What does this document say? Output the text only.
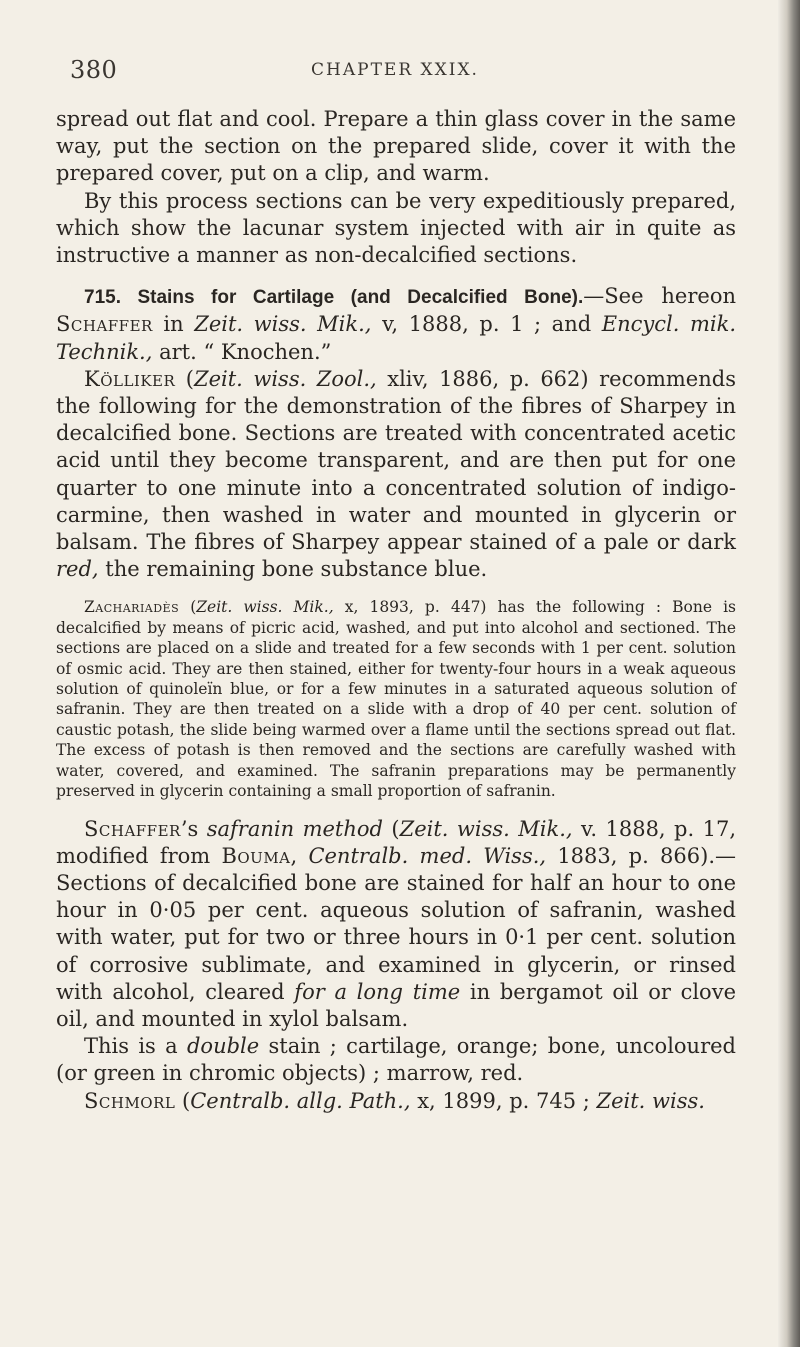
380	CHAPTER XXIX.

spread out flat and cool. Prepare a thin glass cover in the same way, put the section on the prepared slide, cover it with the prepared cover, put on a clip, and warm.

By this process sections can be very expeditiously prepared, which show the lacunar system injected with air in quite as instructive a manner as non-decalcified sections.

715. Stains for Cartilage (and Decalcified Bone).—See hereon Schaffer in Zeit. wiss. Mik., v, 1888, p. 1 ; and Encycl. mik. Technik., art. “ Knochen.”

Kölliker (Zeit. wiss. Zool., xliv, 1886, p. 662) recommends the following for the demonstration of the fibres of Sharpey in decalcified bone. Sections are treated with concentrated acetic acid until they become transparent, and are then put for one quarter to one minute into a concentrated solution of indigo-carmine, then washed in water and mounted in glycerin or balsam. The fibres of Sharpey appear stained of a pale or dark red, the remaining bone substance blue.

Zachariadès (Zeit. wiss. Mik., x, 1893, p. 447) has the following : Bone is decalcified by means of picric acid, washed, and put into alcohol and sectioned. The sections are placed on a slide and treated for a few seconds with 1 per cent. solution of osmic acid. They are then stained, either for twenty-four hours in a weak aqueous solution of quinoleïn blue, or for a few minutes in a saturated aqueous solution of safranin. They are then treated on a slide with a drop of 40 per cent. solution of caustic potash, the slide being warmed over a flame until the sections spread out flat. The excess of potash is then removed and the sections are carefully washed with water, covered, and examined. The safranin preparations may be permanently preserved in glycerin containing a small proportion of safranin.

Schaffer’s safranin method (Zeit. wiss. Mik., v. 1888, p. 17, modified from Bouma, Centralb. med. Wiss., 1883, p. 866).—Sections of decalcified bone are stained for half an hour to one hour in 0·05 per cent. aqueous solution of safranin, washed with water, put for two or three hours in 0·1 per cent. solution of corrosive sublimate, and examined in glycerin, or rinsed with alcohol, cleared for a long time in bergamot oil or clove oil, and mounted in xylol balsam.

This is a double stain ; cartilage, orange; bone, uncoloured (or green in chromic objects) ; marrow, red.

Schmorl (Centralb. allg. Path., x, 1899, p. 745 ; Zeit. wiss.
